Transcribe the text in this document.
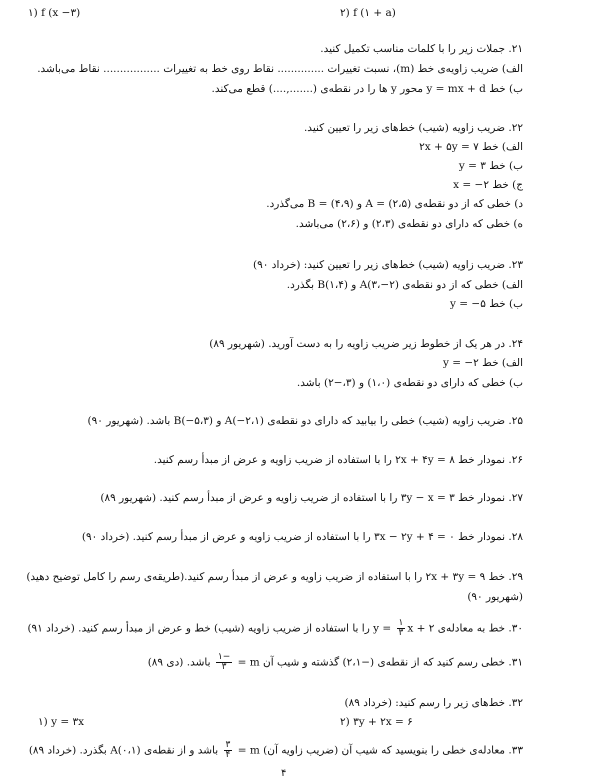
۱) f (x −۳)	۲) f (۱ + a)

۲۱. جملات زیر را با کلمات مناسب تکمیل کنید.

الف) ضریب زاویه‌ی خط (m)، نسبت تغییرات .............. نقاط روی خط به تغییرات ................. نقاط می‌باشد.

ب) خط y = mx + d محور y ها را در نقطه‌ی (.......,....) قطع می‌کند.

۲۲. ضریب زاویه (شیب) خط‌های زیر را تعیین کنید.

الف) خط ۲x + ۵y = ۷

ب) خط y = ۳

ج) خط x = −۲

د) خطی که از دو نقطه‌ی A = (۲،۵) و B = (۴،۹) می‌گذرد.

ه) خطی که دارای دو نقطه‌ی (۲،۳) و (۲،۶) می‌باشد.

۲۳. ضریب زاویه (شیب) خط‌های زیر را تعیین کنید: (خرداد ۹۰)

الف) خطی که از دو نقطه‌ی A(۳،−۲) و B(۱،۴) بگذرد.

ب) خط y = −۵

۲۴. در هر یک از خطوط زیر ضریب زاویه را به دست آورید. (شهریور ۸۹)

الف) خط y = −۲

ب) خطی که دارای دو نقطه‌ی (۱،۰) و (۳،−۲) باشد.

۲۵. ضریب زاویه (شیب) خطی را بیابید که دارای دو نقطه‌ی A(−۲،۱) و B(−۵،۳) باشد. (شهریور ۹۰)

۲۶. نمودار خط ۲x + ۴y = ۸ را با استفاده از ضریب زاویه و عرض از مبدأ رسم کنید.

۲۷. نمودار خط ۳y − x = ۳ را با استفاده از ضریب زاویه و عرض از مبدأ رسم کنید. (شهریور ۸۹)

۲۸. نمودار خط ۳x − ۲y + ۴ = ۰ را با استفاده از ضریب زاویه و عرض از مبدأ رسم کنید. (خرداد ۹۰)

۲۹. خط ۲x + ۳y = ۹ را با استفاده از ضریب زاویه و عرض از مبدأ رسم کنید.(طریقه‌ی رسم را کامل توضیح دهید)

(شهریور ۹۰)

۳۰. خط به معادله‌ی y =
$\frac{۱}{۳}$
x + ۲ را با استفاده از ضریب زاویه (شیب) خط و عرض از مبدأ رسم کنید. (خرداد ۹۱)

۳۱. خطی رسم کنید که از نقطه‌ی (−۲،۱) گذشته و شیب آن m =
$\frac{-۱}{۳}$
باشد. (دی ۸۹)

۳۲. خط‌های زیر را رسم کنید: (خرداد ۸۹)

۱) y = ۳x	۲) ۳y + ۲x = ۶

۳۳. معادله‌ی خطی را بنویسید که شیب آن (ضریب زاویه آن) m =
$\frac{۳}{۴}$
باشد و از نقطه‌ی A(۰،۱) بگذرد. (خرداد ۸۹)

۴
